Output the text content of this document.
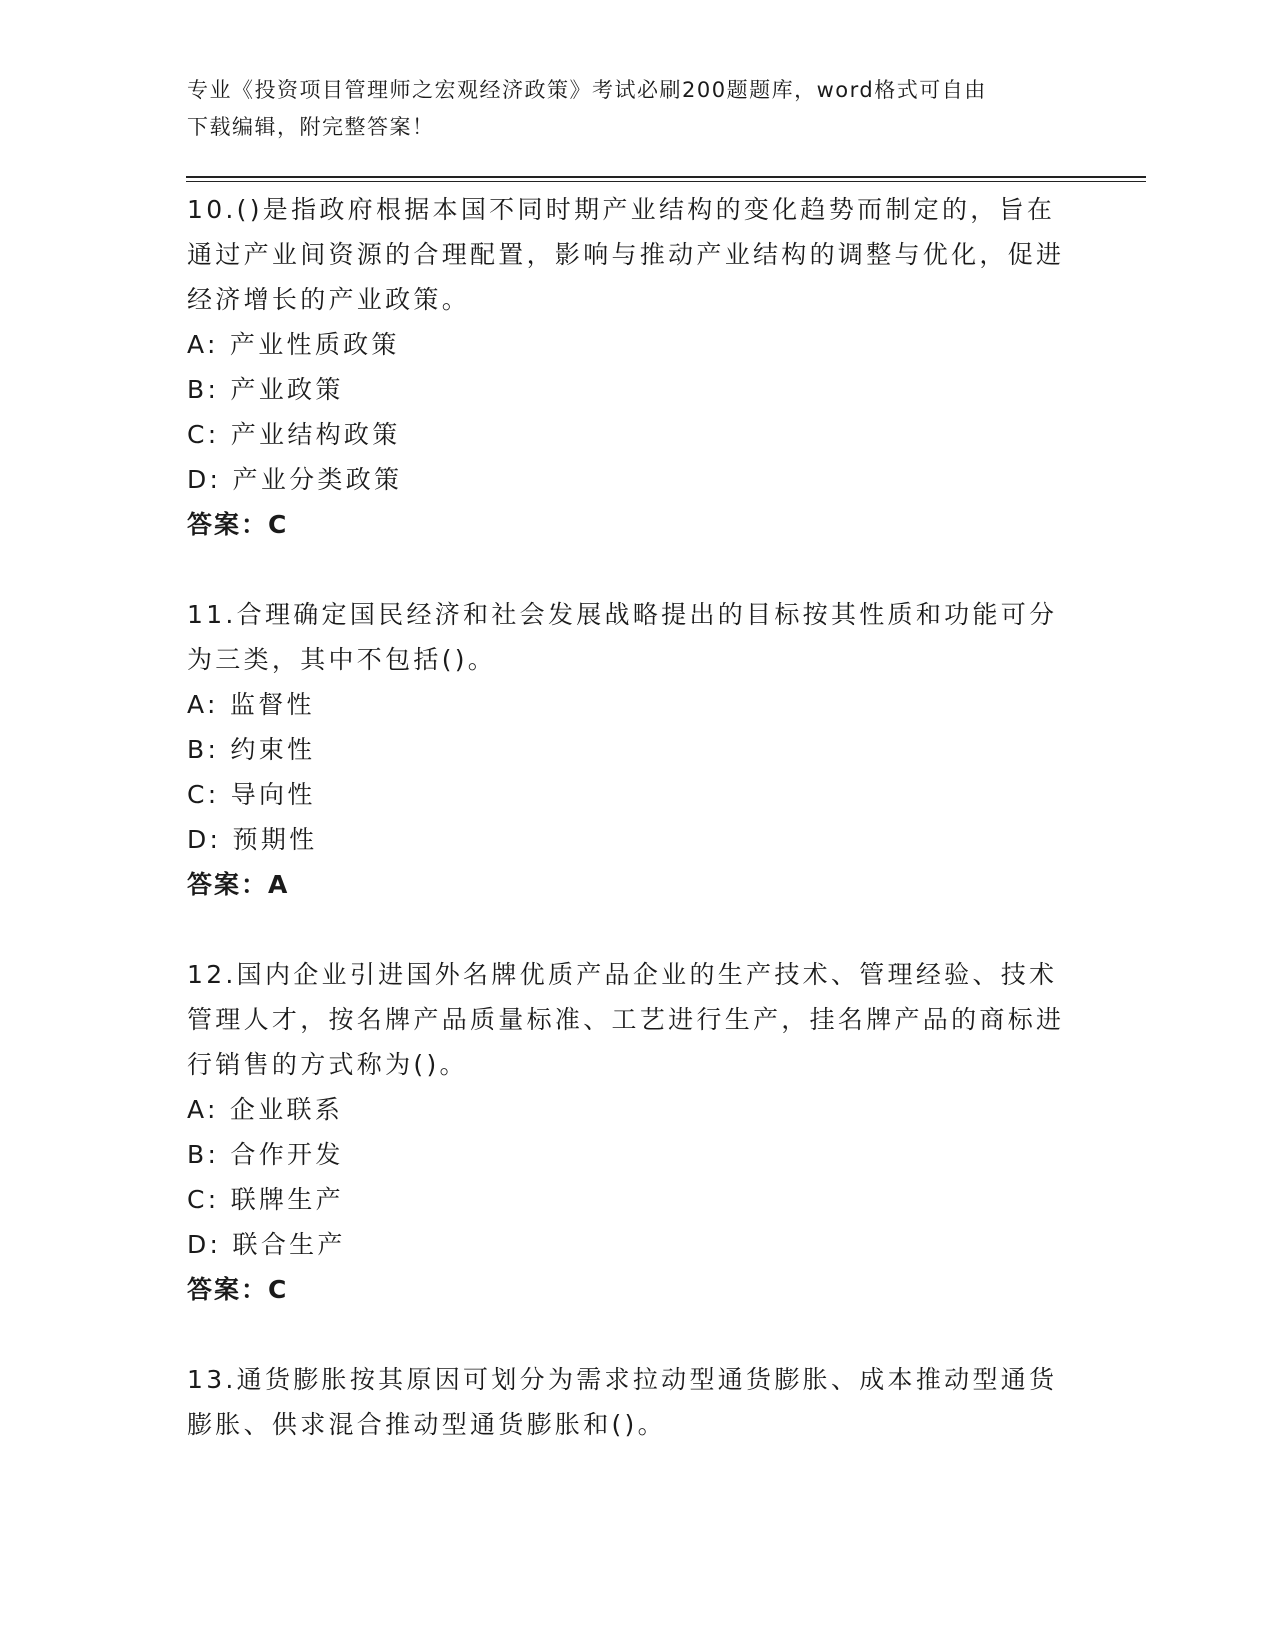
专业《投资项目管理师之宏观经济政策》考试必刷200题题库，word格式可自由
下载编辑，附完整答案！
10.()是指政府根据本国不同时期产业结构的变化趋势而制定的，旨在通过产业间资源的合理配置，影响与推动产业结构的调整与优化，促进经济增长的产业政策。
A: 产业性质政策
B: 产业政策
C: 产业结构政策
D: 产业分类政策
答案：C
11.合理确定国民经济和社会发展战略提出的目标按其性质和功能可分为三类，其中不包括()。
A: 监督性
B: 约束性
C: 导向性
D: 预期性
答案：A
12.国内企业引进国外名牌优质产品企业的生产技术、管理经验、技术管理人才，按名牌产品质量标准、工艺进行生产，挂名牌产品的商标进行销售的方式称为()。
A: 企业联系
B: 合作开发
C: 联牌生产
D: 联合生产
答案：C
13.通货膨胀按其原因可划分为需求拉动型通货膨胀、成本推动型通货膨胀、供求混合推动型通货膨胀和()。
